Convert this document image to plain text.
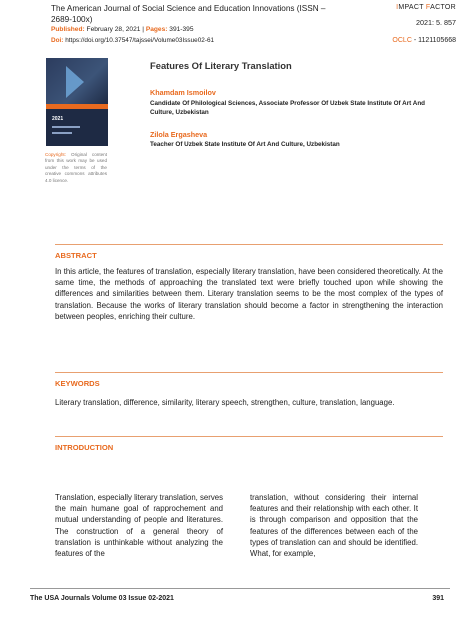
The American Journal of Social Science and Education Innovations (ISSN – 2689-100x)
Published: February 28, 2021 | Pages: 391-395
Doi: https://doi.org/10.37547/tajssei/Volume03Issue02-61
IMPACT FACTOR
2021: 5. 857
OCLC - 1121105668
2021
Copyright: Original content from this work may be used under the terms of the creative commons attributes 4.0 licence.
Features Of Literary Translation
Khamdam Ismoilov
Candidate Of Philological Sciences, Associate Professor Of Uzbek State Institute Of Art And Culture, Uzbekistan
Zilola Ergasheva
Teacher Of Uzbek State Institute Of Art And Culture, Uzbekistan
ABSTRACT
In this article, the features of translation, especially literary translation, have been considered theoretically. At the same time, the methods of approaching the translated text were briefly touched upon while showing the differences and similarities between them. Literary translation seems to be the most complex of the types of translation. Because the works of literary translation should become a factor in strengthening the interaction between peoples, enriching their culture.
KEYWORDS
Literary translation, difference, similarity, literary speech, strengthen, culture, translation, language.
INTRODUCTION
Translation, especially literary translation, serves the main humane goal of rapprochement and mutual understanding of people and literatures. The construction of a general theory of translation is unthinkable without analyzing the features of the
translation, without considering their internal features and their relationship with each other. It is through comparison and opposition that the features of the differences between each of the types of translation can and should be identified. What, for example,
The USA Journals Volume 03 Issue 02-2021	391
